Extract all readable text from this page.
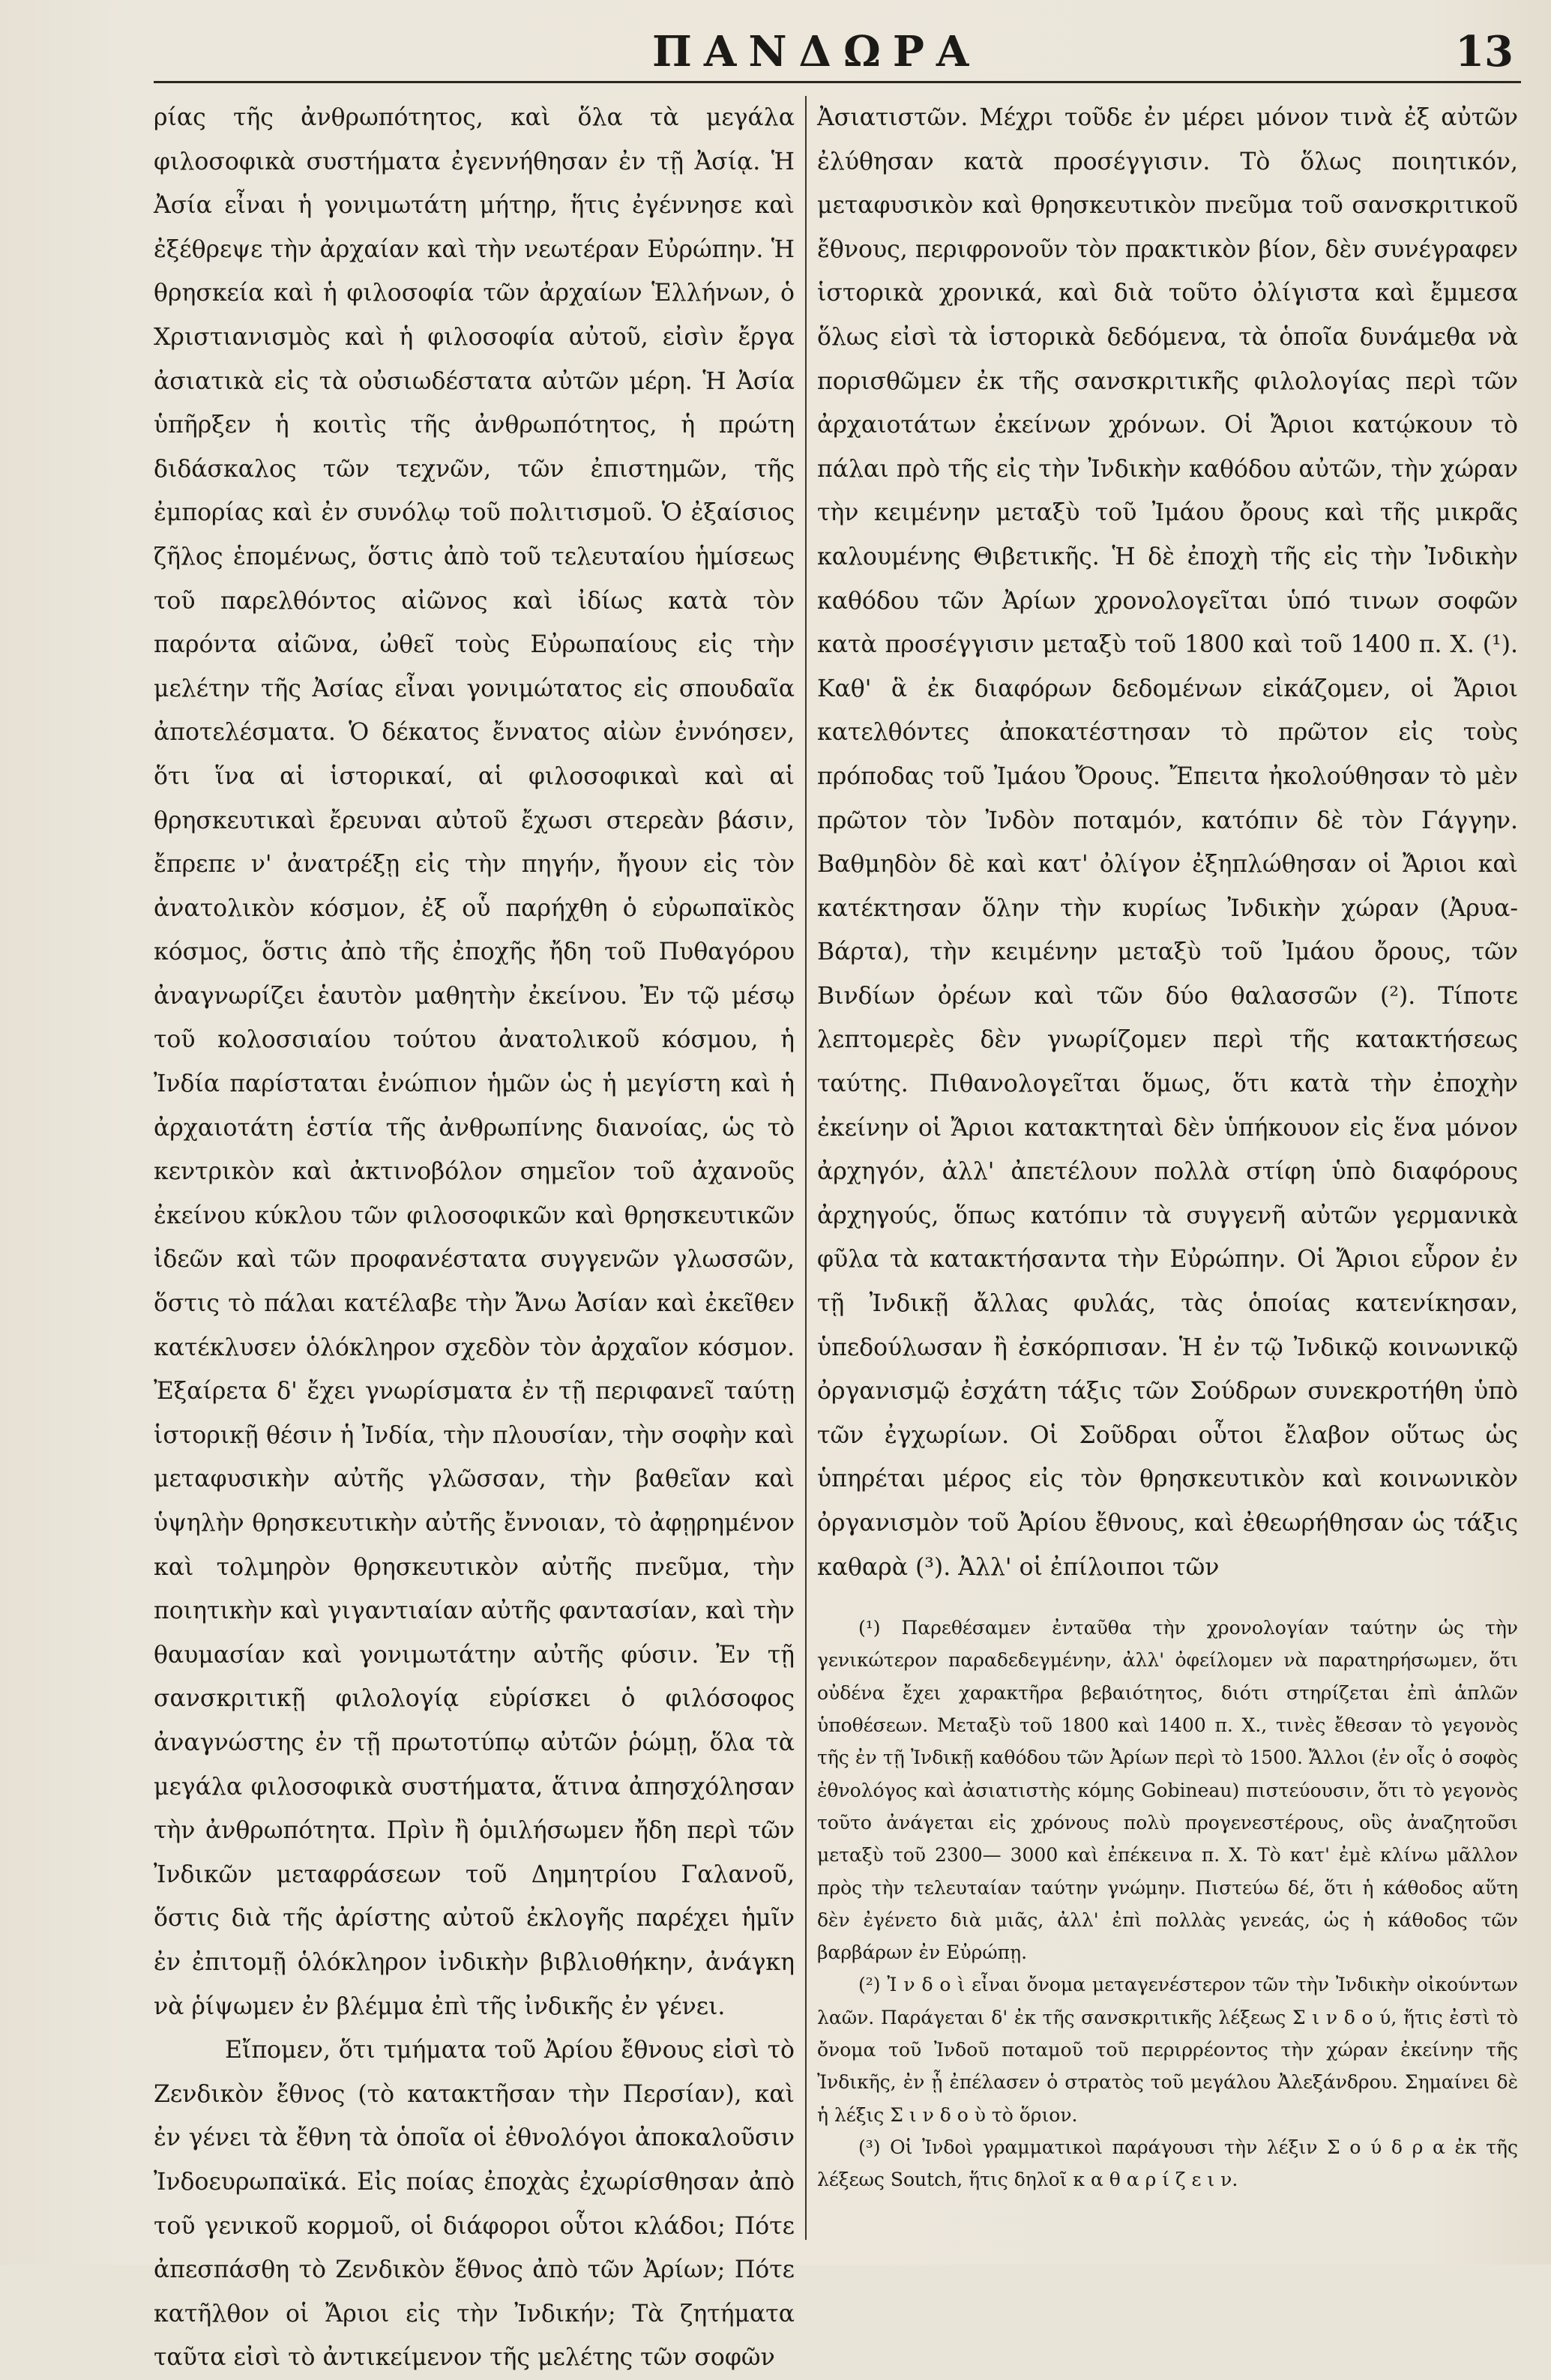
ΠΑΝΔΩΡΑ	13

ρίας τῆς ἀνθρωπότητος, καὶ ὅλα τὰ μεγάλα φιλοσοφικὰ συστήματα ἐγεννήθησαν ἐν τῇ Ἀσίᾳ. Ἡ Ἀσία εἶναι ἡ γονιμωτάτη μήτηρ, ἥτις ἐγέννησε καὶ ἐξέθρεψε τὴν ἀρχαίαν καὶ τὴν νεωτέραν Εὐρώπην. Ἡ θρησκεία καὶ ἡ φιλοσοφία τῶν ἀρχαίων Ἑλλήνων, ὁ Χριστιανισμὸς καὶ ἡ φιλοσοφία αὐτοῦ, εἰσὶν ἔργα ἀσιατικὰ εἰς τὰ οὐσιωδέστατα αὐτῶν μέρη. Ἡ Ἀσία ὑπῆρξεν ἡ κοιτὶς τῆς ἀνθρωπότητος, ἡ πρώτη διδάσκαλος τῶν τεχνῶν, τῶν ἐπιστημῶν, τῆς ἐμπορίας καὶ ἐν συνόλῳ τοῦ πολιτισμοῦ. Ὁ ἐξαίσιος ζῆλος ἑπομένως, ὅστις ἀπὸ τοῦ τελευταίου ἡμίσεως τοῦ παρελθόντος αἰῶνος καὶ ἰδίως κατὰ τὸν παρόντα αἰῶνα, ὠθεῖ τοὺς Εὐρωπαίους εἰς τὴν μελέτην τῆς Ἀσίας εἶναι γονιμώτατος εἰς σπουδαῖα ἀποτελέσματα. Ὁ δέκατος ἔννατος αἰὼν ἐννόησεν, ὅτι ἵνα αἱ ἱστορικαί, αἱ φιλοσοφικαὶ καὶ αἱ θρησκευτικαὶ ἔρευναι αὐτοῦ ἔχωσι στερεὰν βάσιν, ἔπρεπε ν' ἀνατρέξῃ εἰς τὴν πηγήν, ἤγουν εἰς τὸν ἀνατολικὸν κόσμον, ἐξ οὗ παρήχθη ὁ εὐρωπαϊκὸς κόσμος, ὅστις ἀπὸ τῆς ἐποχῆς ἤδη τοῦ Πυθαγόρου ἀναγνωρίζει ἑαυτὸν μαθητὴν ἐκείνου. Ἐν τῷ μέσῳ τοῦ κολοσσιαίου τούτου ἀνατολικοῦ κόσμου, ἡ Ἰνδία παρίσταται ἐνώπιον ἡμῶν ὡς ἡ μεγίστη καὶ ἡ ἀρχαιοτάτη ἑστία τῆς ἀνθρωπίνης διανοίας, ὡς τὸ κεντρικὸν καὶ ἀκτινοβόλον σημεῖον τοῦ ἀχανοῦς ἐκείνου κύκλου τῶν φιλοσοφικῶν καὶ θρησκευτικῶν ἰδεῶν καὶ τῶν προφανέστατα συγγενῶν γλωσσῶν, ὅστις τὸ πάλαι κατέλαβε τὴν Ἄνω Ἀσίαν καὶ ἐκεῖθεν κατέκλυσεν ὁλόκληρον σχεδὸν τὸν ἀρχαῖον κόσμον. Ἐξαίρετα δ' ἔχει γνωρίσματα ἐν τῇ περιφανεῖ ταύτῃ ἱστορικῇ θέσιν ἡ Ἰνδία, τὴν πλουσίαν, τὴν σοφὴν καὶ μεταφυσικὴν αὐτῆς γλῶσσαν, τὴν βαθεῖαν καὶ ὑψηλὴν θρησκευτικὴν αὐτῆς ἔννοιαν, τὸ ἀφῃρημένον καὶ τολμηρὸν θρησκευτικὸν αὐτῆς πνεῦμα, τὴν ποιητικὴν καὶ γιγαντιαίαν αὐτῆς φαντασίαν, καὶ τὴν θαυμασίαν καὶ γονιμωτάτην αὐτῆς φύσιν. Ἐν τῇ σανσκριτικῇ φιλολογίᾳ εὑρίσκει ὁ φιλόσοφος ἀναγνώστης ἐν τῇ πρωτοτύπῳ αὐτῶν ῥώμῃ, ὅλα τὰ μεγάλα φιλοσοφικὰ συστήματα, ἅτινα ἀπησχόλησαν τὴν ἀνθρωπότητα. Πρὶν ἢ ὁμιλήσωμεν ἤδη περὶ τῶν Ἰνδικῶν μεταφράσεων τοῦ Δημητρίου Γαλανοῦ, ὅστις διὰ τῆς ἀρίστης αὐτοῦ ἐκλογῆς παρέχει ἡμῖν ἐν ἐπιτομῇ ὁλόκληρον ἰνδικὴν βιβλιοθήκην, ἀνάγκη νὰ ῥίψωμεν ἐν βλέμμα ἐπὶ τῆς ἰνδικῆς ἐν γένει.

Εἴπομεν, ὅτι τμήματα τοῦ Ἀρίου ἔθνους εἰσὶ τὸ Ζενδικὸν ἔθνος (τὸ κατακτῆσαν τὴν Περσίαν), καὶ ἐν γένει τὰ ἔθνη τὰ ὁποῖα οἱ ἐθνολόγοι ἀποκαλοῦσιν Ἰνδοευρωπαϊκά. Εἰς ποίας ἐποχὰς ἐχωρίσθησαν ἀπὸ τοῦ γενικοῦ κορμοῦ, οἱ διάφοροι οὗτοι κλάδοι; Πότε ἀπεσπάσθη τὸ Ζενδικὸν ἔθνος ἀπὸ τῶν Ἀρίων; Πότε κατῆλθον οἱ Ἄριοι εἰς τὴν Ἰνδικήν; Τὰ ζητήματα ταῦτα εἰσὶ τὸ ἀντικείμενον τῆς μελέτης τῶν σοφῶν

Ἀσιατιστῶν. Μέχρι τοῦδε ἐν μέρει μόνον τινὰ ἐξ αὐτῶν ἐλύθησαν κατὰ προσέγγισιν. Τὸ ὅλως ποιητικόν, μεταφυσικὸν καὶ θρησκευτικὸν πνεῦμα τοῦ σανσκριτικοῦ ἔθνους, περιφρονοῦν τὸν πρακτικὸν βίον, δὲν συνέγραφεν ἱστορικὰ χρονικά, καὶ διὰ τοῦτο ὀλίγιστα καὶ ἔμμεσα ὅλως εἰσὶ τὰ ἱστορικὰ δεδόμενα, τὰ ὁποῖα δυνάμεθα νὰ πορισθῶμεν ἐκ τῆς σανσκριτικῆς φιλολογίας περὶ τῶν ἀρχαιοτάτων ἐκείνων χρόνων. Οἱ Ἄριοι κατῴκουν τὸ πάλαι πρὸ τῆς εἰς τὴν Ἰνδικὴν καθόδου αὐτῶν, τὴν χώραν τὴν κειμένην μεταξὺ τοῦ Ἰμάου ὄρους καὶ τῆς μικρᾶς καλουμένης Θιβετικῆς. Ἡ δὲ ἐποχὴ τῆς εἰς τὴν Ἰνδικὴν καθόδου τῶν Ἀρίων χρονολογεῖται ὑπό τινων σοφῶν κατὰ προσέγγισιν μεταξὺ τοῦ 1800 καὶ τοῦ 1400 π. Χ. (¹). Καθ' ἃ ἐκ διαφόρων δεδομένων εἰκάζομεν, οἱ Ἄριοι κατελθόντες ἀποκατέστησαν τὸ πρῶτον εἰς τοὺς πρόποδας τοῦ Ἰμάου Ὄρους. Ἔπειτα ἠκολούθησαν τὸ μὲν πρῶτον τὸν Ἰνδὸν ποταμόν, κατόπιν δὲ τὸν Γάγγην. Βαθμηδὸν δὲ καὶ κατ' ὀλίγον ἐξηπλώθησαν οἱ Ἄριοι καὶ κατέκτησαν ὅλην τὴν κυρίως Ἰνδικὴν χώραν (Ἀρυα-Βάρτα), τὴν κειμένην μεταξὺ τοῦ Ἰμάου ὄρους, τῶν Βινδίων ὀρέων καὶ τῶν δύο θαλασσῶν (²). Τίποτε λεπτομερὲς δὲν γνωρίζομεν περὶ τῆς κατακτήσεως ταύτης. Πιθανολογεῖται ὅμως, ὅτι κατὰ τὴν ἐποχὴν ἐκείνην οἱ Ἄριοι κατακτηταὶ δὲν ὑπήκουον εἰς ἕνα μόνον ἀρχηγόν, ἀλλ' ἀπετέλουν πολλὰ στίφη ὑπὸ διαφόρους ἀρχηγούς, ὅπως κατόπιν τὰ συγγενῆ αὐτῶν γερμανικὰ φῦλα τὰ κατακτήσαντα τὴν Εὐρώπην. Οἱ Ἄριοι εὗρον ἐν τῇ Ἰνδικῇ ἄλλας φυλάς, τὰς ὁποίας κατενίκησαν, ὑπεδούλωσαν ἢ ἐσκόρπισαν. Ἡ ἐν τῷ Ἰνδικῷ κοινωνικῷ ὀργανισμῷ ἐσχάτη τάξις τῶν Σούδρων συνεκροτήθη ὑπὸ τῶν ἐγχωρίων. Οἱ Σοῦδραι οὗτοι ἔλαβον οὕτως ὡς ὑπηρέται μέρος εἰς τὸν θρησκευτικὸν καὶ κοινωνικὸν ὀργανισμὸν τοῦ Ἀρίου ἔθνους, καὶ ἐθεωρήθησαν ὡς τάξις καθαρὰ (³). Ἀλλ' οἱ ἐπίλοιποι τῶν

(¹) Παρεθέσαμεν ἐνταῦθα τὴν χρονολογίαν ταύτην ὡς τὴν γενικώτερον παραδεδεγμένην, ἀλλ' ὀφείλομεν νὰ παρατηρήσωμεν, ὅτι οὐδένα ἔχει χαρακτῆρα βεβαιότητος, διότι στηρίζεται ἐπὶ ἁπλῶν ὑποθέσεων. Μεταξὺ τοῦ 1800 καὶ 1400 π. Χ., τινὲς ἔθεσαν τὸ γεγονὸς τῆς ἐν τῇ Ἰνδικῇ καθόδου τῶν Ἀρίων περὶ τὸ 1500. Ἄλλοι (ἐν οἷς ὁ σοφὸς ἐθνολόγος καὶ ἀσιατιστὴς κόμης Gobineau) πιστεύουσιν, ὅτι τὸ γεγονὸς τοῦτο ἀνάγεται εἰς χρόνους πολὺ προγενεστέρους, οὓς ἀναζητοῦσι μεταξὺ τοῦ 2300— 3000 καὶ ἐπέκεινα π. Χ. Τὸ κατ' ἐμὲ κλίνω μᾶλλον πρὸς τὴν τελευταίαν ταύτην γνώμην. Πιστεύω δέ, ὅτι ἡ κάθοδος αὕτη δὲν ἐγένετο διὰ μιᾶς, ἀλλ' ἐπὶ πολλὰς γενεάς, ὡς ἡ κάθοδος τῶν βαρβάρων ἐν Εὐρώπῃ.

(²) Ἰ ν δ ο ὶ εἶναι ὄνομα μεταγενέστερον τῶν τὴν Ἰνδικὴν οἰκούντων λαῶν. Παράγεται δ' ἐκ τῆς σανσκριτικῆς λέξεως Σ ι ν δ ο ύ, ἥτις ἐστὶ τὸ ὄνομα τοῦ Ἰνδοῦ ποταμοῦ τοῦ περιρρέοντος τὴν χώραν ἐκείνην τῆς Ἰνδικῆς, ἐν ᾗ ἐπέλασεν ὁ στρατὸς τοῦ μεγάλου Ἀλεξάνδρου. Σημαίνει δὲ ἡ λέξις Σ ι ν δ ο ὺ τὸ ὅριον.

(³) Οἱ Ἰνδοὶ γραμματικοὶ παράγουσι τὴν λέξιν Σ ο ύ δ ρ α ἐκ τῆς λέξεως Soutch, ἥτις δηλοῖ κ α θ α ρ ί ζ ε ι ν.
